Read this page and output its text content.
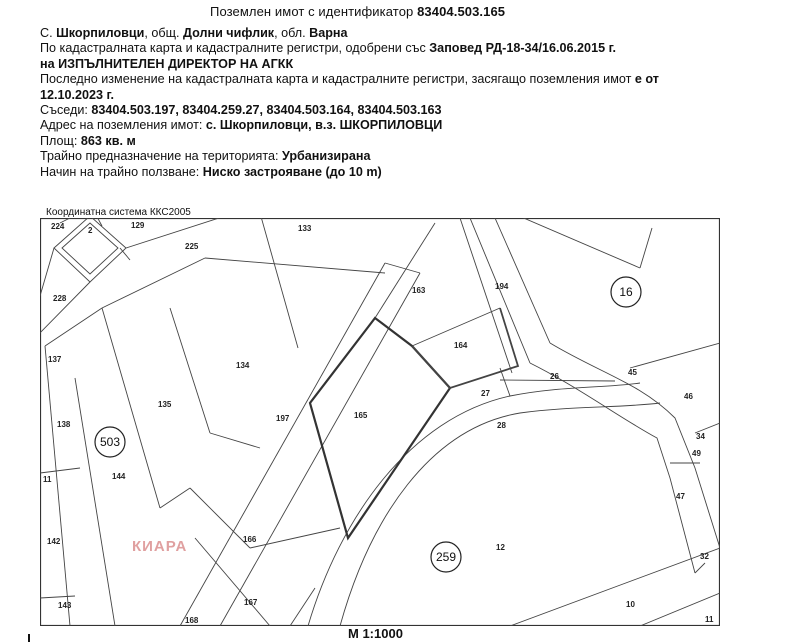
Поземлен имот с идентификатор 83404.503.165
С. Шкорпиловци, общ. Долни чифлик, обл. Варна
По кадастралната карта и кадастралните регистри, одобрени със Заповед РД-18-34/16.06.2015 г.
на ИЗПЪЛНИТЕЛЕН ДИРЕКТОР НА АГКК
Последно изменение на кадастралната карта и кадастралните регистри, засягащо поземления имот е от
12.10.2023 г.
Съседи: 83404.503.197, 83404.259.27, 83404.503.164, 83404.503.163
Адрес на поземления имот: с. Шкорпиловци, в.з. ШКОРПИЛОВЦИ
Площ: 863 кв. м
Трайно предназначение на територията: Урбанизирана
Начин на трайно ползване: Ниско застрояване (до 10 m)
Координатна система ККС2005
503
16
259
224	2
129
225
133
228
163	194
164
137
134
26	45
46
135
197
27
165
138	28
34
49
144
11
47
142	166
12
32
143	167
168
10
11
КИАРА
М 1:1000
